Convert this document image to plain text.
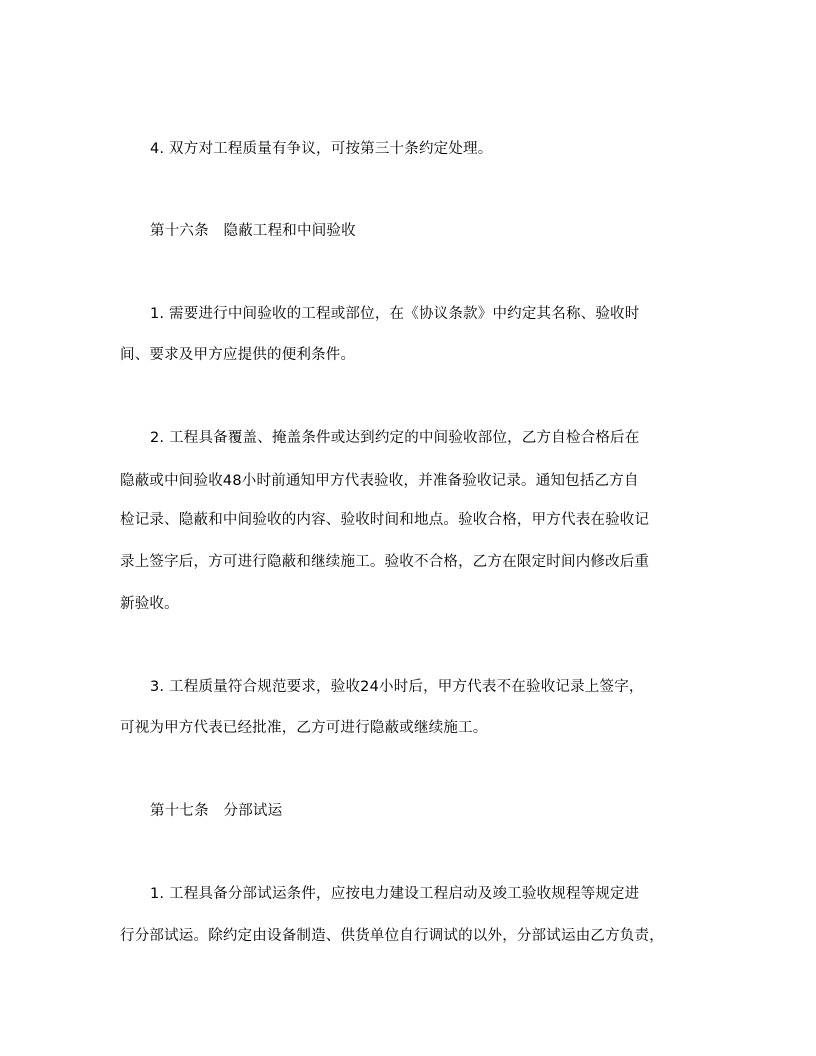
4. 双方对工程质量有争议，可按第三十条约定处理。
第十六条　隐蔽工程和中间验收
1. 需要进行中间验收的工程或部位，在《协议条款》中约定其名称、验收时
间、要求及甲方应提供的便利条件。
2. 工程具备覆盖、掩盖条件或达到约定的中间验收部位，乙方自检合格后在
隐蔽或中间验收48小时前通知甲方代表验收，并准备验收记录。通知包括乙方自
检记录、隐蔽和中间验收的内容、验收时间和地点。验收合格，甲方代表在验收记
录上签字后，方可进行隐蔽和继续施工。验收不合格，乙方在限定时间内修改后重
新验收。
3. 工程质量符合规范要求，验收24小时后，甲方代表不在验收记录上签字，
可视为甲方代表已经批准，乙方可进行隐蔽或继续施工。
第十七条　分部试运
1. 工程具备分部试运条件，应按电力建设工程启动及竣工验收规程等规定进
行分部试运。除约定由设备制造、供货单位自行调试的以外，分部试运由乙方负责，
